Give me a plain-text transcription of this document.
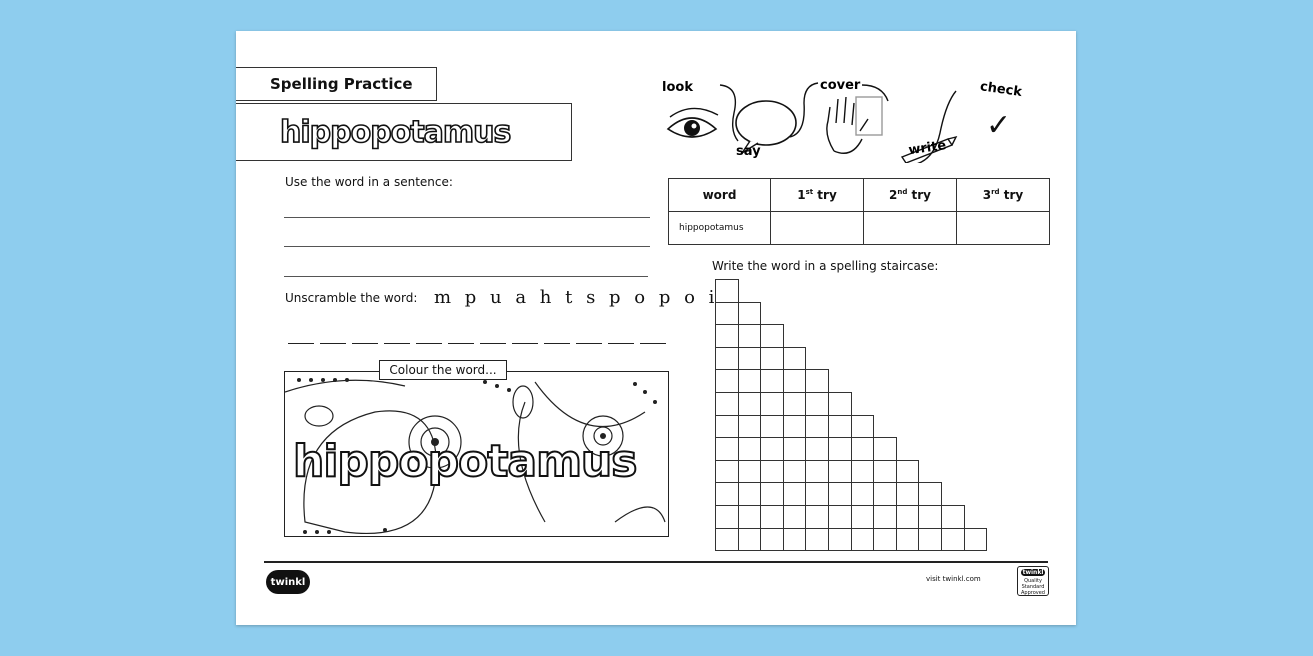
Spelling Practice
hippopotamus
look
say
cover
write
check
✓
Use the word in a sentence:
Unscramble the word: m p u a h t s p o p o i
hippopotamus
Colour the word...
word	1st try	2nd try	3rd try
hippopotamus			
Write the word in a spelling staircase:
twinkl	visit twinkl.com
twinkl
Quality Standard Approved
